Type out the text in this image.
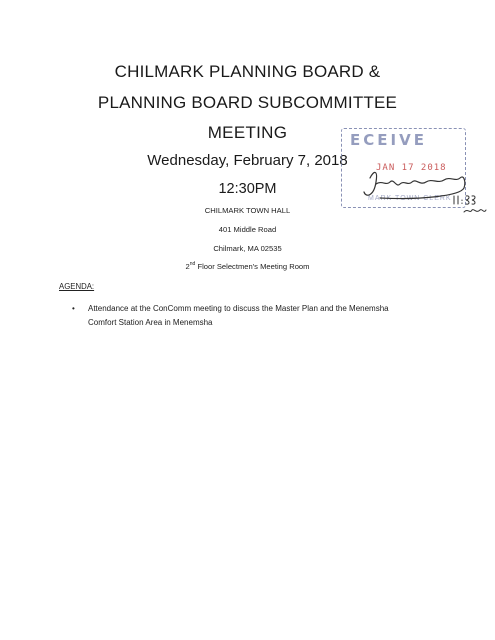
CHILMARK PLANNING BOARD &
PLANNING BOARD SUBCOMMITTEE
MEETING
Wednesday, February 7, 2018
12:30PM
CHILMARK TOWN HALL
401 Middle Road
Chilmark, MA 02535
2nd Floor Selectmen's Meeting Room
AGENDA:
• Attendance at the ConComm meeting to discuss the Master Plan and the Menemsha Comfort Station Area in Menemsha
ECEIVE
JAN 17 2018
MARK TOWN CLERK
